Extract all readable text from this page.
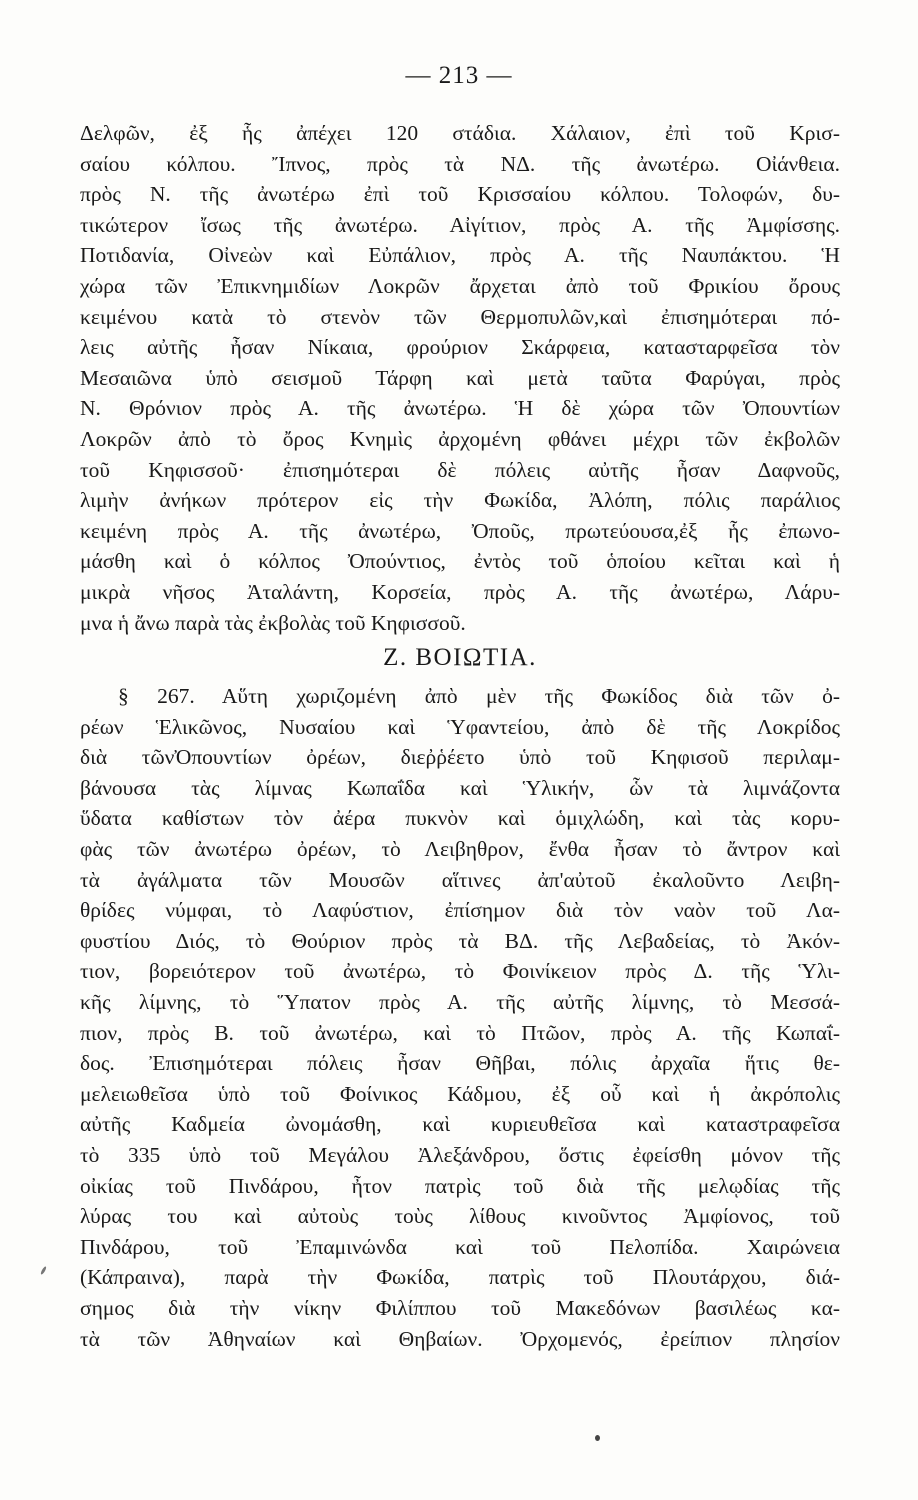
— 213 —
Δελφῶν, ἐξ ἧς ἀπέχει 120 στάδια. Χάλαιον, ἐπὶ τοῦ Κρισ-
σαίου κόλπου. Ἴπνος, πρὸς τὰ ΝΔ. τῆς ἀνωτέρω. Οἰάνθεια.
πρὸς Ν. τῆς ἀνωτέρω ἐπὶ τοῦ Κρισσαίου κόλπου. Τολοφών, δυ-
τικώτερον ἴσως τῆς ἀνωτέρω. Αἰγίτιον, πρὸς Α. τῆς Ἀμφίσσης.
Ποτιδανία, Οἰνεὼν καὶ Εὐπάλιον, πρὸς Α. τῆς Ναυπάκτου. Ἡ
χώρα τῶν Ἐπικνημιδίων Λοκρῶν ἄρχεται ἀπὸ τοῦ Φρικίου ὄρους
κειμένου κατὰ τὸ στενὸν τῶν Θερμοπυλῶν,καὶ ἐπισημότεραι πό-
λεις αὐτῆς ἦσαν Νίκαια, φρούριον Σκάρφεια, κατασταρφεῖσα τὸν
Μεσαιῶνα ὑπὸ σεισμοῦ Τάρφη καὶ μετὰ ταῦτα Φαρύγαι, πρὸς
Ν. Θρόνιον πρὸς Α. τῆς ἀνωτέρω. Ἡ δὲ χώρα τῶν Ὀπουντίων
Λοκρῶν ἀπὸ τὸ ὄρος Κνημὶς ἀρχομένη φθάνει μέχρι τῶν ἐκβολῶν
τοῦ Κηφισσοῦ· ἐπισημότεραι δὲ πόλεις αὐτῆς ἦσαν Δαφνοῦς,
λιμὴν ἀνήκων πρότερον εἰς τὴν Φωκίδα, Ἀλόπη, πόλις παράλιος
κειμένη πρὸς Α. τῆς ἀνωτέρω, Ὀποῦς, πρωτεύουσα,ἐξ ἧς ἐπωνο-
μάσθη καὶ ὁ κόλπος Ὀπούντιος, ἐντὸς τοῦ ὁποίου κεῖται καὶ ἡ
μικρὰ νῆσος Ἀταλάντη, Κορσεία, πρὸς Α. τῆς ἀνωτέρω, Λάρυ-
μνα ἡ ἄνω παρὰ τὰς ἐκβολὰς τοῦ Κηφισσοῦ.
Ζ. ΒΟΙΩΤΙΑ.
§ 267. Αὕτη χωριζομένη ἀπὸ μὲν τῆς Φωκίδος διὰ τῶν ὀ-
ρέων Ἑλικῶνος, Νυσαίου καὶ Ὑφαντείου, ἀπὸ δὲ τῆς Λοκρίδος
διὰ τῶνὈπουντίων ὀρέων, διεῤῥέετο ὑπὸ τοῦ Κηφισοῦ περιλαμ-
βάνουσα τὰς λίμνας Κωπαΐδα καὶ Ὑλικήν, ὧν τὰ λιμνάζοντα
ὕδατα καθίστων τὸν ἀέρα πυκνὸν καὶ ὁμιχλώδη, καὶ τὰς κορυ-
φὰς τῶν ἀνωτέρω ὀρέων, τὸ Λειβηθρον, ἔνθα ἦσαν τὸ ἄντρον καὶ
τὰ ἀγάλματα τῶν Μουσῶν αἵτινες ἀπ'αὐτοῦ ἐκαλοῦντο Λειβη-
θρίδες νύμφαι, τὸ Λαφύστιον, ἐπίσημον διὰ τὸν ναὸν τοῦ Λα-
φυστίου Διός, τὸ Θούριον πρὸς τὰ ΒΔ. τῆς Λεβαδείας, τὸ Ἀκόν-
τιον, βορειότερον τοῦ ἀνωτέρω, τὸ Φοινίκειον πρὸς Δ. τῆς Ὑλι-
κῆς λίμνης, τὸ Ὕπατον πρὸς Α. τῆς αὐτῆς λίμνης, τὸ Μεσσά-
πιον, πρὸς Β. τοῦ ἀνωτέρω, καὶ τὸ Πτῶον, πρὸς Α. τῆς Κωπαΐ-
δος. Ἐπισημότεραι πόλεις ἦσαν Θῆβαι, πόλις ἀρχαῖα ἥτις θε-
μελειωθεῖσα ὑπὸ τοῦ Φοίνικος Κάδμου, ἐξ οὗ καὶ ἡ ἀκρόπολις
αὐτῆς Καδμεία ὠνομάσθη, καὶ κυριευθεῖσα καὶ καταστραφεῖσα
τὸ 335 ὑπὸ τοῦ Μεγάλου Ἀλεξάνδρου, ὅστις ἐφείσθη μόνον τῆς
οἰκίας τοῦ Πινδάρου, ἦτον πατρὶς τοῦ διὰ τῆς μελῳδίας τῆς
λύρας του καὶ αὐτοὺς τοὺς λίθους κινοῦντος Ἀμφίονος, τοῦ
Πινδάρου, τοῦ Ἐπαμινώνδα καὶ τοῦ Πελοπίδα. Χαιρώνεια
(Κάπραινα), παρὰ τὴν Φωκίδα, πατρὶς τοῦ Πλουτάρχου, διά-
σημος διὰ τὴν νίκην Φιλίππου τοῦ Μακεδόνων βασιλέως κα-
τὰ τῶν Ἀθηναίων καὶ Θηβαίων. Ὀρχομενός, ἐρείπιον πλησίον
